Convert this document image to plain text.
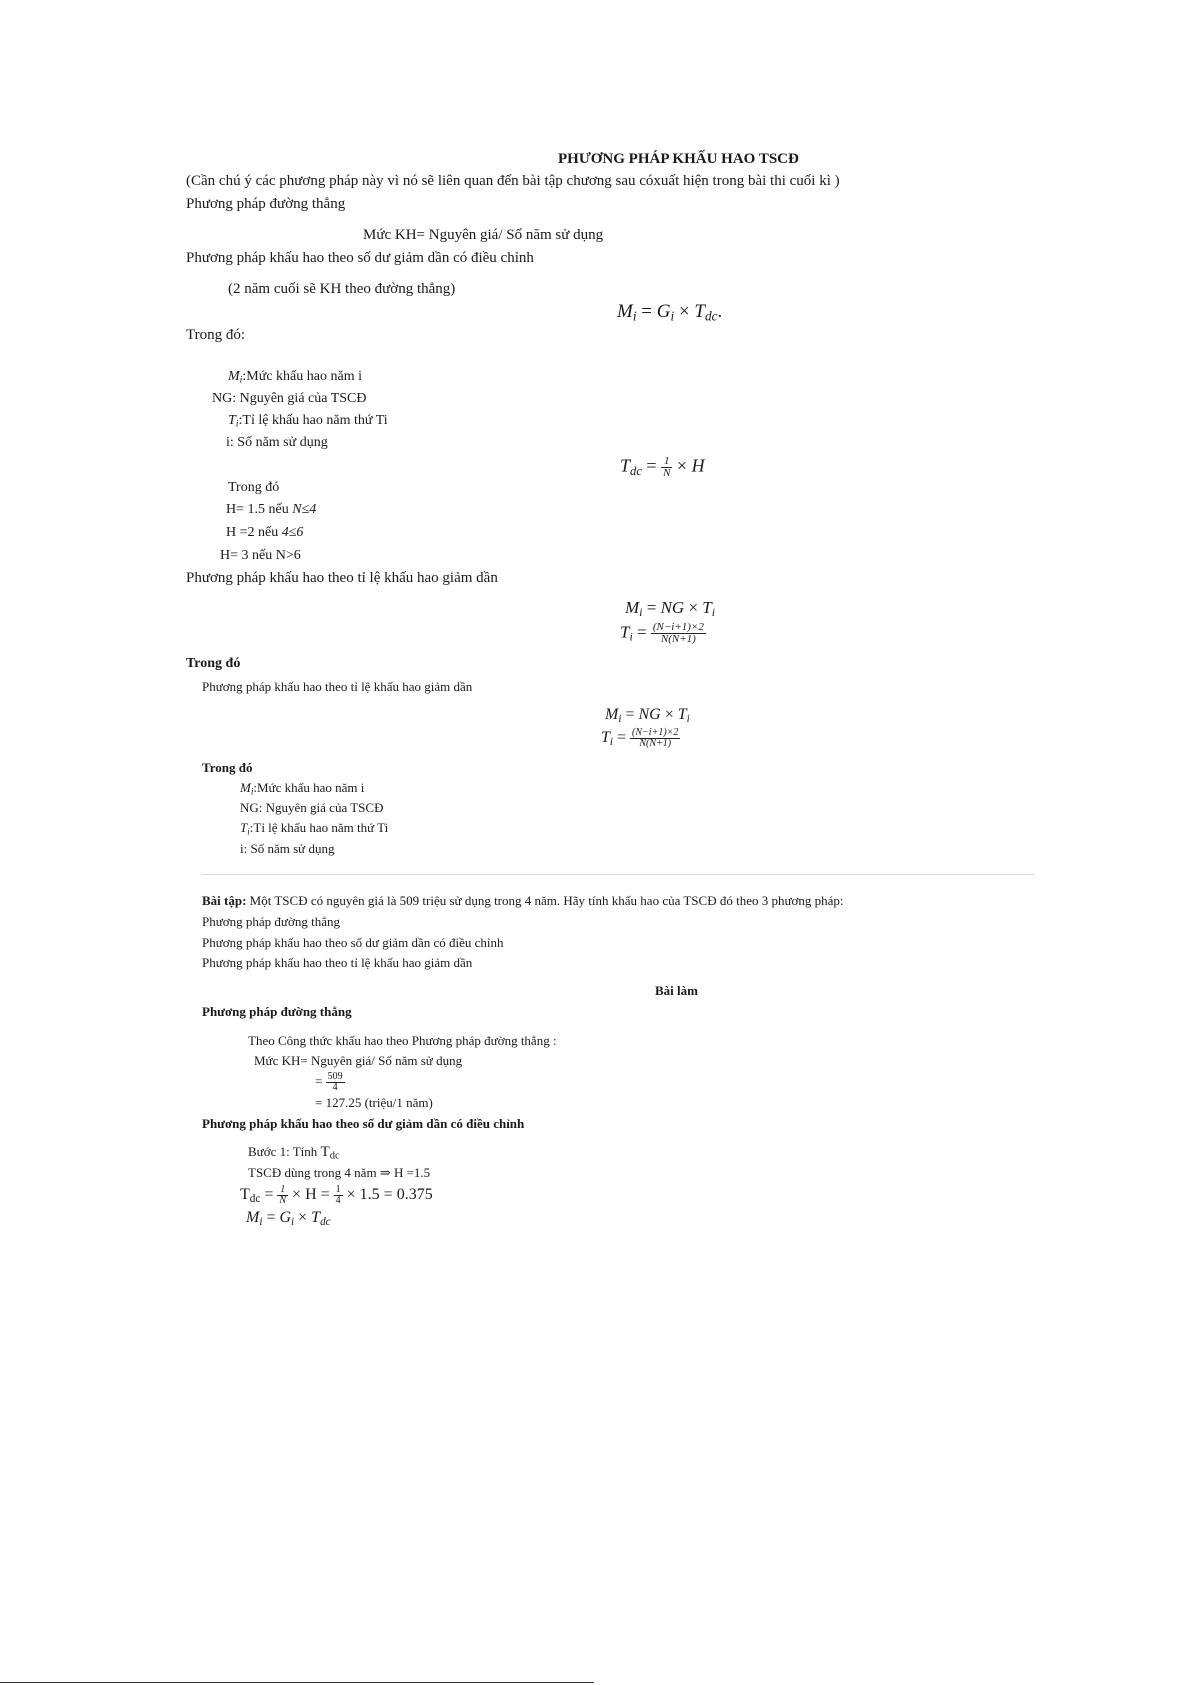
PHƯƠNG PHÁP KHẤU HAO TSCĐ
(Cần chú ý các phương pháp này vì nó sẽ liên quan đến bài tập chương sau cóxuất hiện trong bài thi cuối kì )
Phương pháp đường thẳng
Mức KH= Nguyên giá/ Số năm sử dụng
Phương pháp khấu hao theo số dư giảm dần có điều chỉnh
(2 năm cuối sẽ KH theo đường thẳng)
$M_i = G_i \times T_{dc}$.
Trong đó:
$M_i:Mức$ khấu hao năm i
NG: Nguyên giá của TSCĐ
$T_i:Tỉ$ lệ khấu hao năm thứ Ti
i: Số năm sử dụng
$T_{dc} = \frac{1}{N} \times H$
Trong đó
H= 1.5 nếu N≤4
H =2 nếu 4≤6
H= 3 nếu N>6
Phương pháp khấu hao theo tỉ lệ khấu hao giảm dần
$M_i$ = NG × $T_i$
$T_i = \frac{(N-i+1)\times 2}{N(N+1)}$
Trong đó
Phương pháp khấu hao theo tỉ lệ khấu hao giảm dần
$M_i$ = NG × $T_i$
$T_i = \frac{(N-i+1)\times 2}{N(N+1)}$
Trong đó
$M_i:Mức$ khấu hao năm i
NG: Nguyên giá của TSCĐ
$T_i:Tỉ$ lệ khấu hao năm thứ Ti
i: Số năm sử dụng
Bài tập: Một TSCĐ có nguyên giá là 509 triệu sử dụng trong 4 năm. Hãy tính khấu hao của TSCĐ đó theo 3 phương pháp:
Phương pháp đường thẳng
Phương pháp khấu hao theo số dư giảm dần có điều chỉnh
Phương pháp khấu hao theo tỉ lệ khấu hao giảm dần
Bài làm
Phương pháp đường thẳng
Theo Công thức khấu hao theo Phương pháp đường thẳng :
Mức KH= Nguyên giá/ Số năm sử dụng
= $\frac{509}{4}$
= 127.25 (triệu/1 năm)
Phương pháp khấu hao theo số dư giảm dần có điều chỉnh
Bước 1: Tính $T_{dc}$
TSCĐ dùng trong 4 năm ⇒ H =1.5
$T_{dc} = \frac{1}{N} \times H = \frac{1}{4} \times 1.5 = 0.375$
$M_i = G_i \times T_{dc}$
